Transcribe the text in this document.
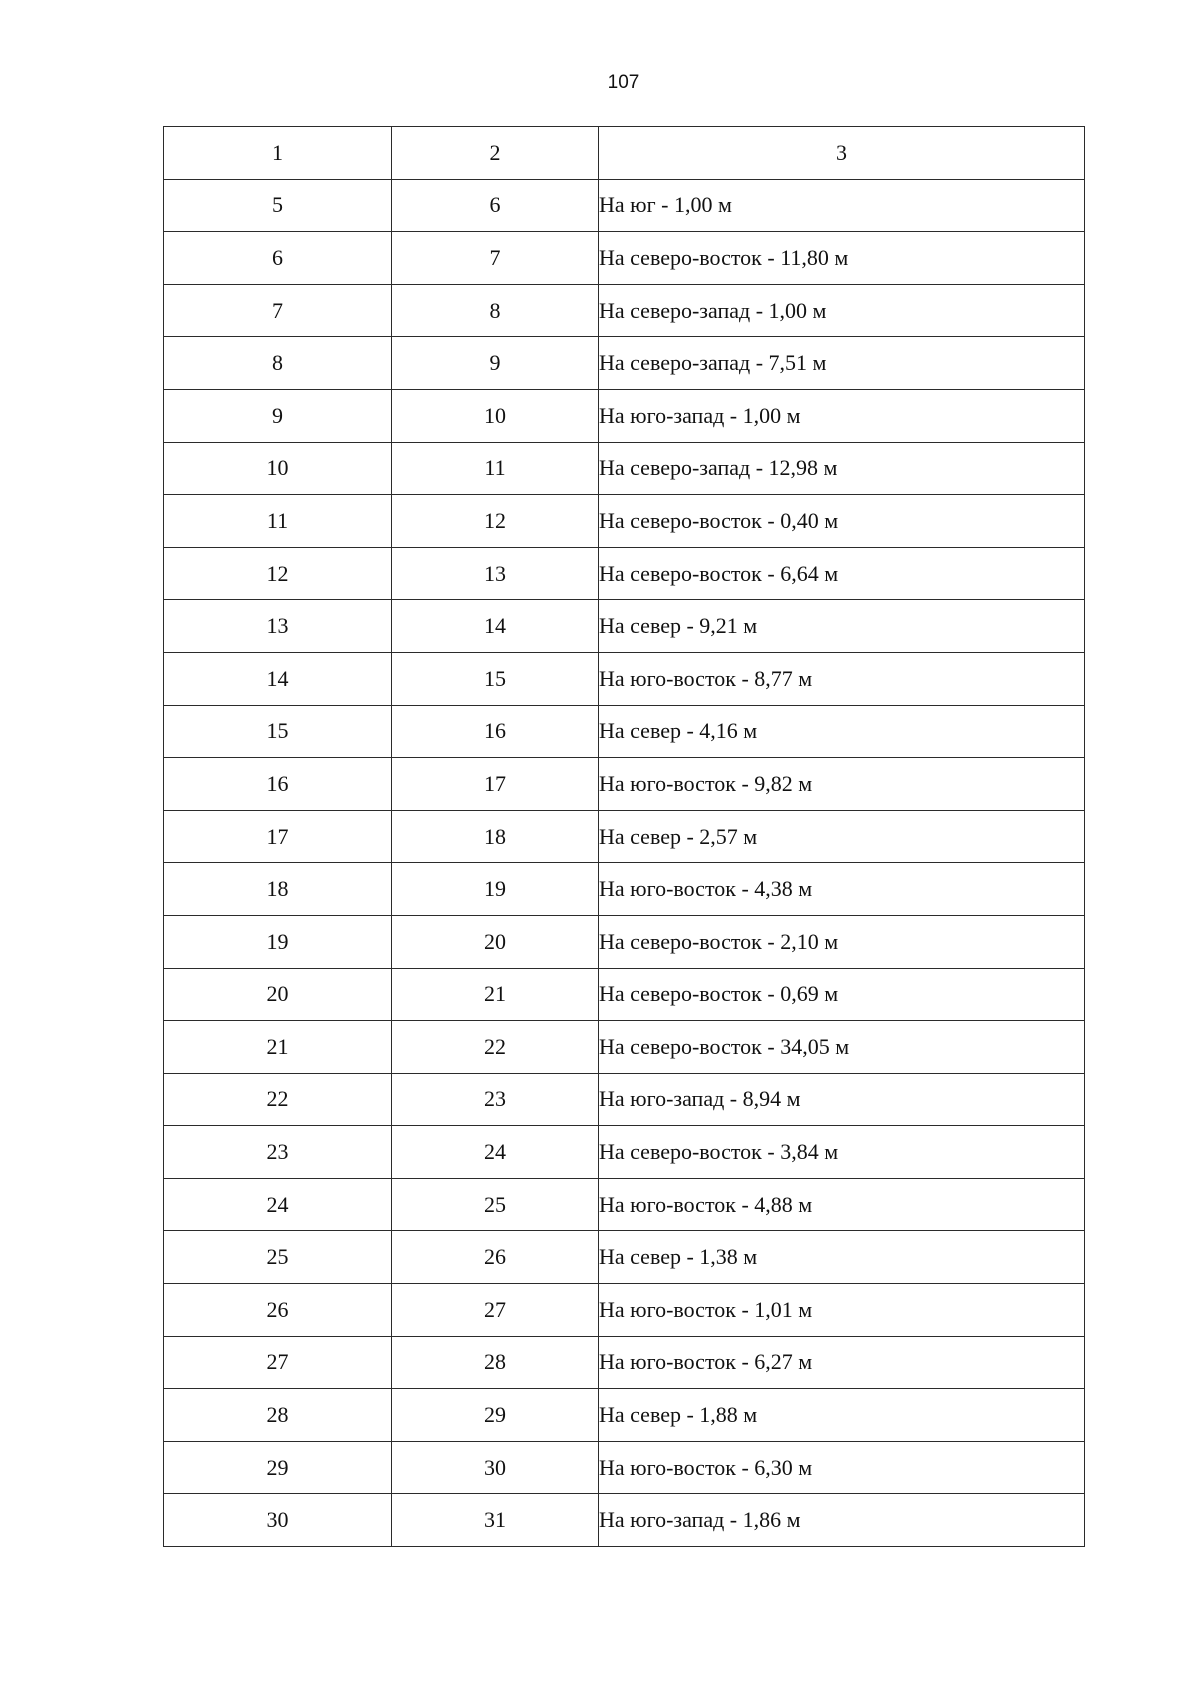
107
1	2	3
5	6	На юг - 1,00 м
6	7	На северо-восток - 11,80 м
7	8	На северо-запад - 1,00 м
8	9	На северо-запад - 7,51 м
9	10	На юго-запад - 1,00 м
10	11	На северо-запад - 12,98 м
11	12	На северо-восток - 0,40 м
12	13	На северо-восток - 6,64 м
13	14	На север - 9,21 м
14	15	На юго-восток - 8,77 м
15	16	На север - 4,16 м
16	17	На юго-восток - 9,82 м
17	18	На север - 2,57 м
18	19	На юго-восток - 4,38 м
19	20	На северо-восток - 2,10 м
20	21	На северо-восток - 0,69 м
21	22	На северо-восток - 34,05 м
22	23	На юго-запад - 8,94 м
23	24	На северо-восток - 3,84 м
24	25	На юго-восток - 4,88 м
25	26	На север - 1,38 м
26	27	На юго-восток - 1,01 м
27	28	На юго-восток - 6,27 м
28	29	На север - 1,88 м
29	30	На юго-восток - 6,30 м
30	31	На юго-запад - 1,86 м
